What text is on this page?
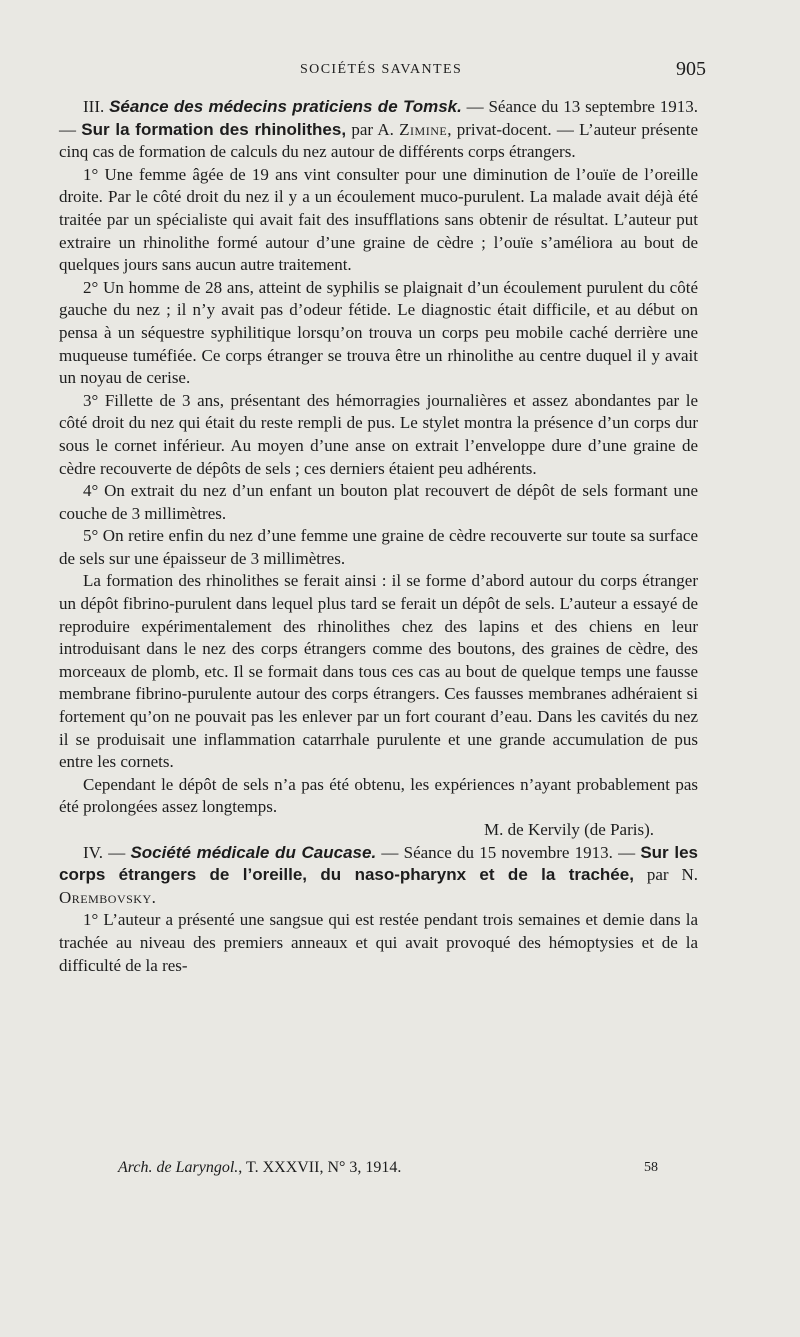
SOCIÉTÉS SAVANTES	905

III. Séance des médecins praticiens de Tomsk. — Séance du 13 septembre 1913. — Sur la formation des rhinolithes, par A. Zimine, privat-docent. — L’auteur présente cinq cas de formation de calculs du nez autour de différents corps étrangers.

1° Une femme âgée de 19 ans vint consulter pour une diminution de l’ouïe de l’oreille droite. Par le côté droit du nez il y a un écoulement muco-purulent. La malade avait déjà été traitée par un spécialiste qui avait fait des insufflations sans obtenir de résultat. L’auteur put extraire un rhinolithe formé autour d’une graine de cèdre ; l’ouïe s’améliora au bout de quelques jours sans aucun autre traitement.

2° Un homme de 28 ans, atteint de syphilis se plaignait d’un écoulement purulent du côté gauche du nez ; il n’y avait pas d’odeur fétide. Le diagnostic était difficile, et au début on pensa à un séquestre syphilitique lorsqu’on trouva un corps peu mobile caché derrière une muqueuse tuméfiée. Ce corps étranger se trouva être un rhinolithe au centre duquel il y avait un noyau de cerise.

3° Fillette de 3 ans, présentant des hémorragies journalières et assez abondantes par le côté droit du nez qui était du reste rempli de pus. Le stylet montra la présence d’un corps dur sous le cornet inférieur. Au moyen d’une anse on extrait l’enveloppe dure d’une graine de cèdre recouverte de dépôts de sels ; ces derniers étaient peu adhérents.

4° On extrait du nez d’un enfant un bouton plat recouvert de dépôt de sels formant une couche de 3 millimètres.

5° On retire enfin du nez d’une femme une graine de cèdre recouverte sur toute sa surface de sels sur une épaisseur de 3 millimètres.

La formation des rhinolithes se ferait ainsi : il se forme d’abord autour du corps étranger un dépôt fibrino-purulent dans lequel plus tard se ferait un dépôt de sels. L’auteur a essayé de reproduire expérimentalement des rhinolithes chez des lapins et des chiens en leur introduisant dans le nez des corps étrangers comme des boutons, des graines de cèdre, des morceaux de plomb, etc. Il se formait dans tous ces cas au bout de quelque temps une fausse membrane fibrino-purulente autour des corps étrangers. Ces fausses membranes adhéraient si fortement qu’on ne pouvait pas les enlever par un fort courant d’eau. Dans les cavités du nez il se produisait une inflammation catarrhale purulente et une grande accumulation de pus entre les cornets.

Cependant le dépôt de sels n’a pas été obtenu, les expériences n’ayant probablement pas été prolongées assez longtemps.

M. de Kervily (de Paris).

IV. — Société médicale du Caucase. — Séance du 15 novembre 1913. — Sur les corps étrangers de l’oreille, du naso-pharynx et de la trachée, par N. Orembovsky.

1° L’auteur a présenté une sangsue qui est restée pendant trois semaines et demie dans la trachée au niveau des premiers anneaux et qui avait provoqué des hémoptysies et de la difficulté de la res-

Arch. de Laryngol., T. XXXVII, N° 3, 1914.	58
